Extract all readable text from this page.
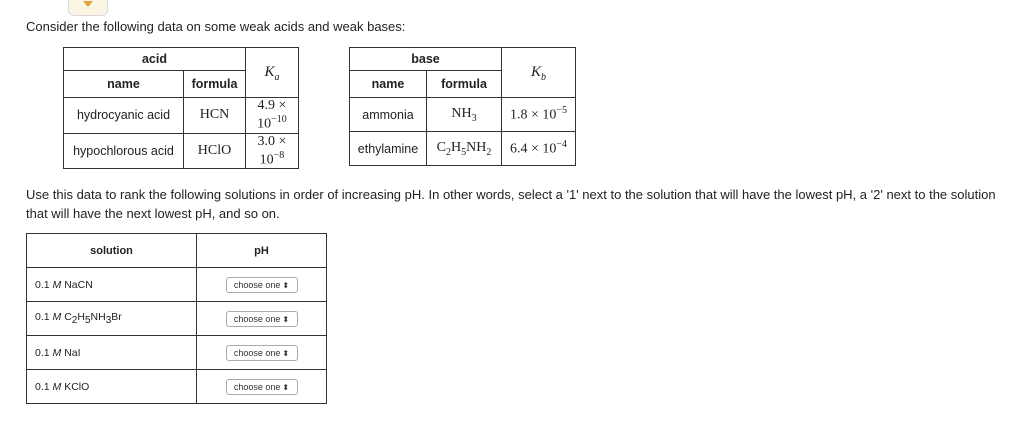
Consider the following data on some weak acids and weak bases:
acid		$K_a$
name	formula	
hydrocyanic acid	HCN	$4.9 \times 10^{-10}$
hypochlorous acid	HClO	$3.0 \times 10^{-8}$
base		$K_b$
name	formula	
ammonia	$NH_3$	$1.8 \times 10^{-5}$
ethylamine	$C_2H_5NH_2$	$6.4 \times 10^{-4}$
Use this data to rank the following solutions in order of increasing pH. In other words, select a '1' next to the solution that will have the lowest pH, a '2' next to the solution that will have the next lowest pH, and so on.
solution	pH
0.1 M NaCN	choose one ⬍
0.1 M $C_2H_5NH_3Br$	choose one ⬍
0.1 M NaI	choose one ⬍
0.1 M KClO	choose one ⬍
